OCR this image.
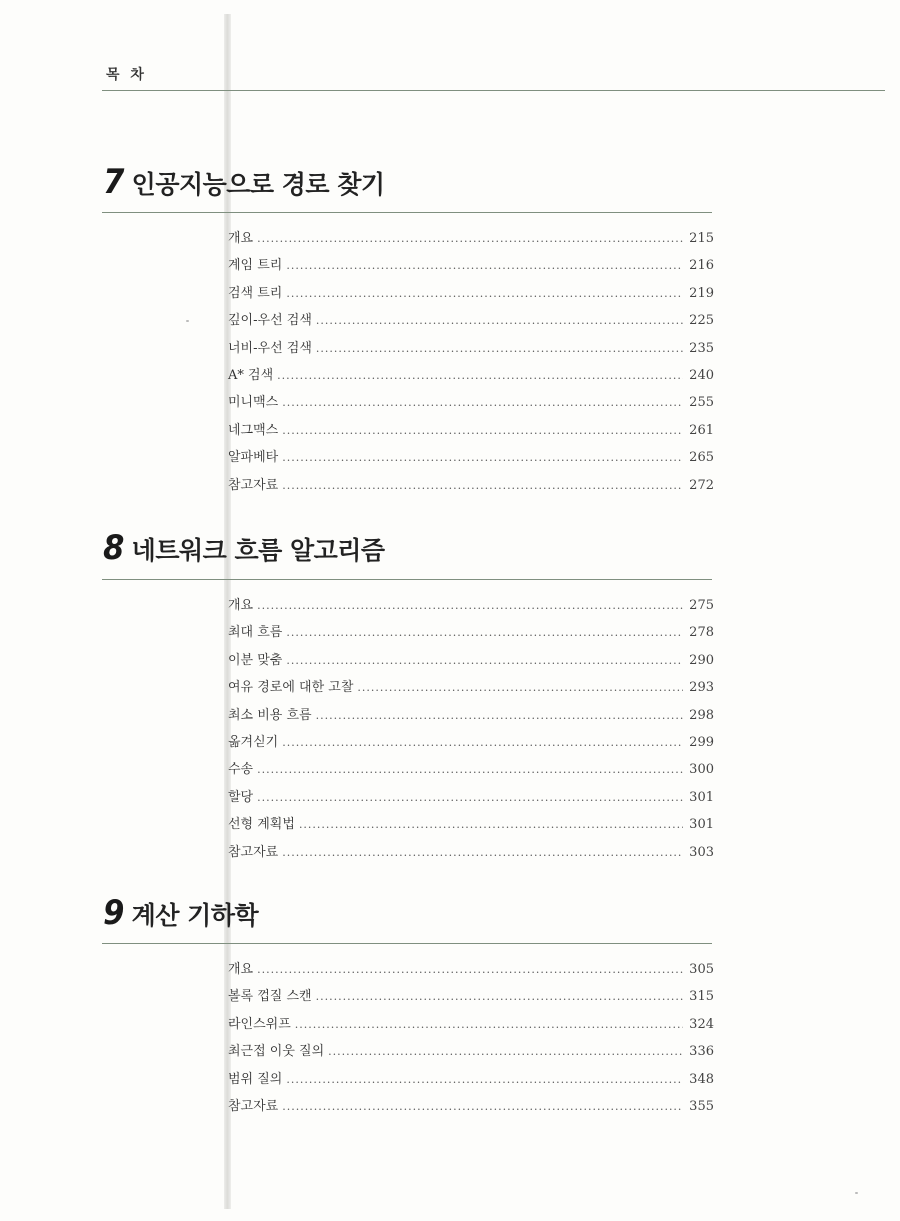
목 차
7 인공지능으로 경로 찾기
개요 .....	215
계임 트리 .....	216
검색 트리 .....	219
깊이-우선 검색 .....	225
너비-우선 검색 .....	235
A* 검색 .....	240
미니맥스 .....	255
네그맥스 .....	261
알파베타 .....	265
참고자료 .....	272
8 네트워크 흐름 알고리즘
개요 .....	275
최대 흐름 .....	278
이분 맞춤 .....	290
여유 경로에 대한 고찰 .....	293
최소 비용 흐름 .....	298
옮겨싣기 .....	299
수송 .....	300
할당 .....	301
선형 계획법 .....	301
참고자료 .....	303
9 계산 기하학
개요 .....	305
볼록 껍질 스캔 .....	315
라인스위프 .....	324
최근접 이웃 질의 .....	336
범위 질의 .....	348
참고자료 .....	355
